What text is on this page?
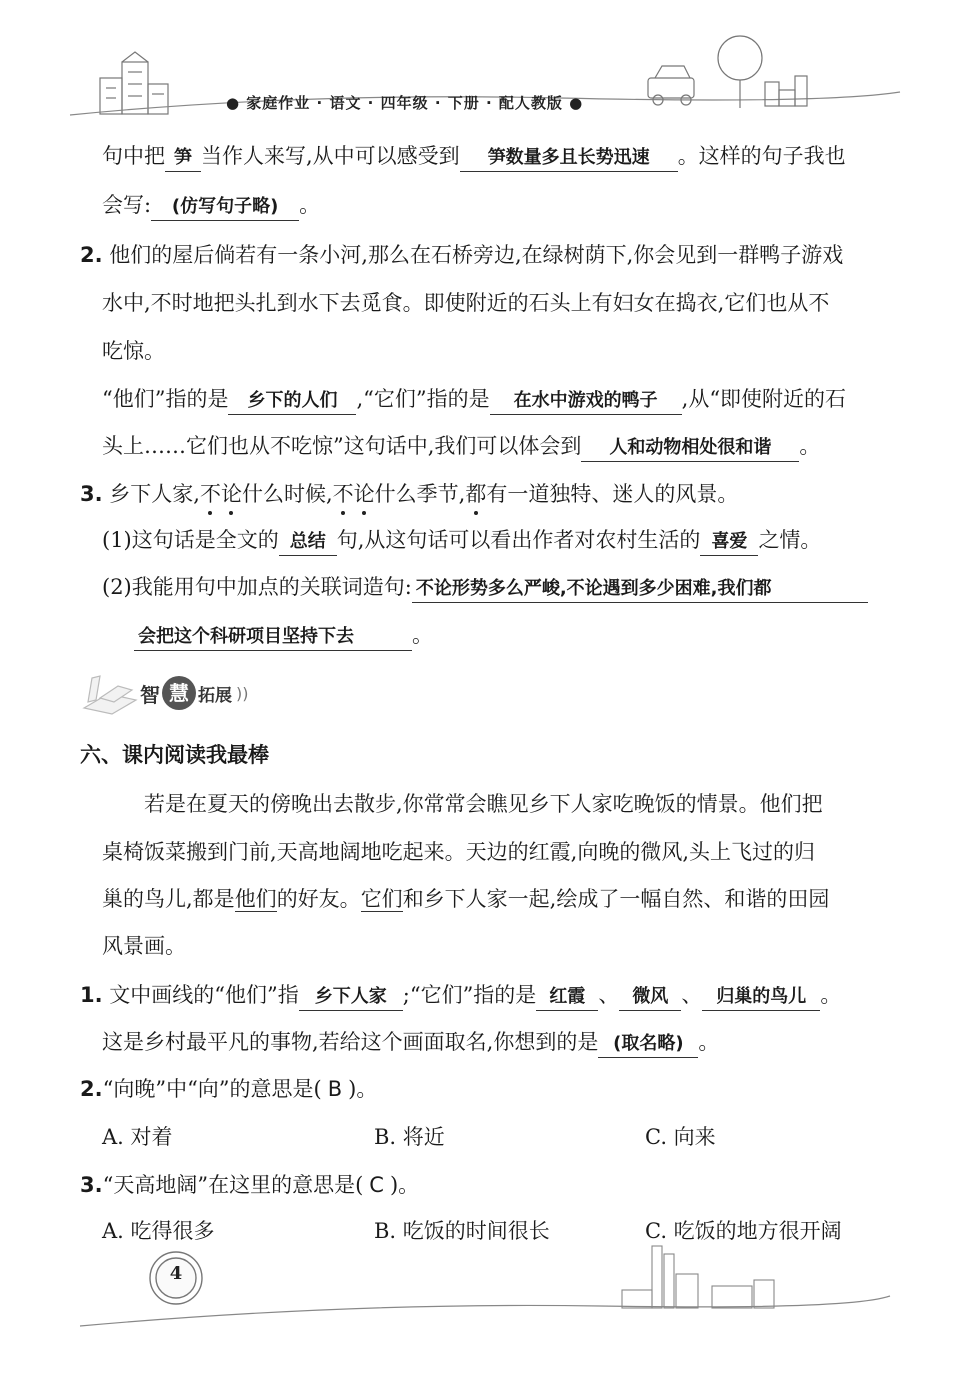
● 家庭作业 · 语文 · 四年级 · 下册 · 配人教版 ●
句中把 笋 当作人来写,从中可以感受到 笋数量多且长势迅速 。这样的句子我也
会写: (仿写句子略) 。
2. 他们的屋后倘若有一条小河,那么在石桥旁边,在绿树荫下,你会见到一群鸭子游戏
水中,不时地把头扎到水下去觅食。即使附近的石头上有妇女在捣衣,它们也从不
吃惊。
“他们”指的是 乡下的人们 ,“它们”指的是 在水中游戏的鸭子 ,从“即使附近的石
头上……它们也从不吃惊”这句话中,我们可以体会到 人和动物相处很和谐 。
3. 乡下人家,不论什么时候,不论什么季节,都有一道独特、迷人的风景。
(1)这句话是全文的 总结 句,从这句话可以看出作者对农村生活的 喜爱 之情。
(2)我能用句中加点的关联词造句: 不论形势多么严峻,不论遇到多少困难,我们都
会把这个科研项目坚持下去	。
智 慧 拓展 ))
六、课内阅读我最棒
若是在夏天的傍晚出去散步,你常常会瞧见乡下人家吃晚饭的情景。他们把
桌椅饭菜搬到门前,天高地阔地吃起来。天边的红霞,向晚的微风,头上飞过的归
巢的鸟儿,都是他们的好友。它们和乡下人家一起,绘成了一幅自然、和谐的田园
风景画。
1. 文中画线的“他们”指 乡下人家 ;“它们”指的是 红霞 、 微风 、 归巢的鸟儿 。
这是乡村最平凡的事物,若给这个画面取名,你想到的是 (取名略) 。
2.“向晚”中“向”的意思是( B )。
A. 对着	B. 将近	C. 向来
3.“天高地阔”在这里的意思是( C )。
A. 吃得很多	B. 吃饭的时间很长	C. 吃饭的地方很开阔
4
